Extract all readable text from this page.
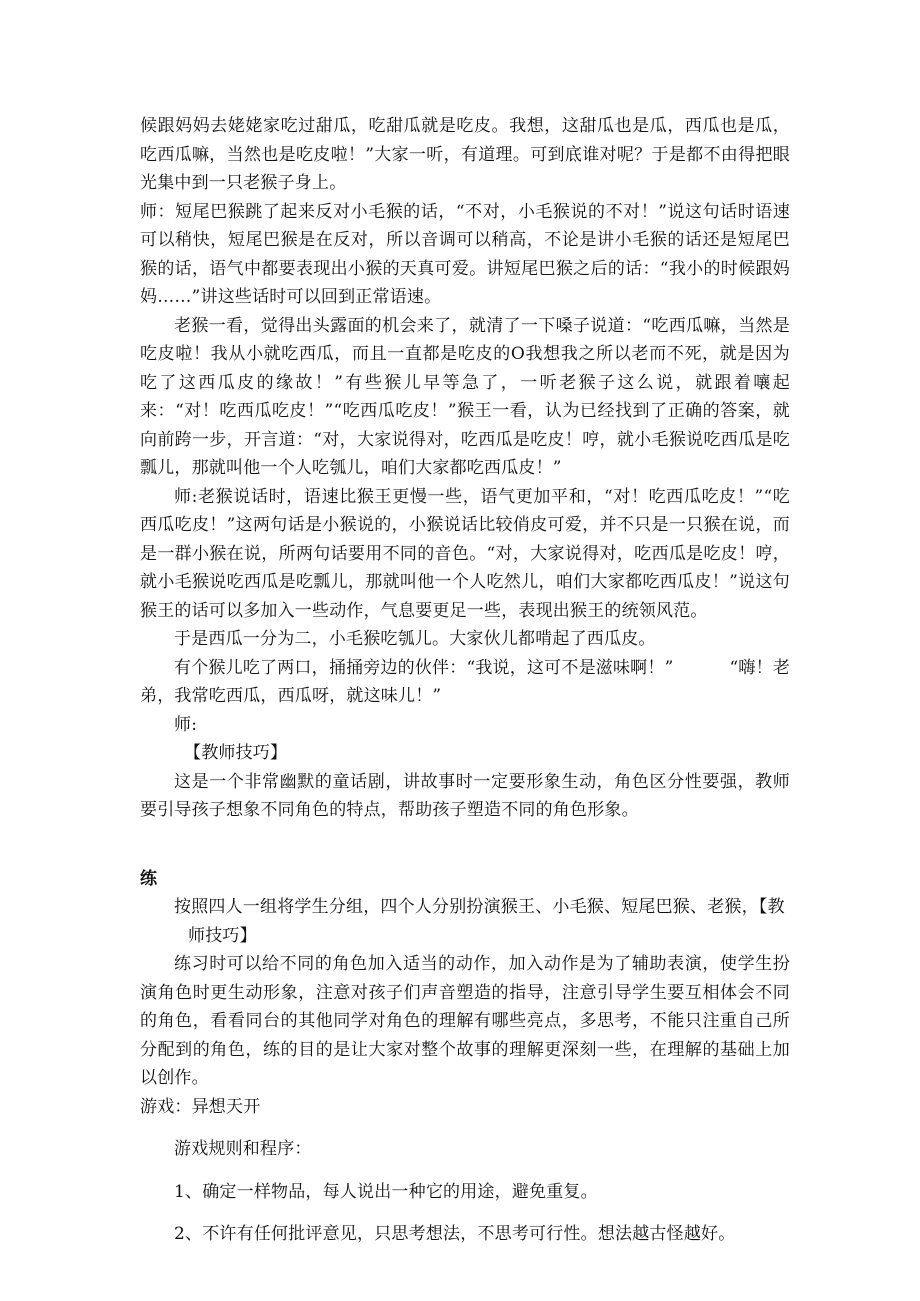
候跟妈妈去姥姥家吃过甜瓜，吃甜瓜就是吃皮。我想，这甜瓜也是瓜，西瓜也是瓜，吃西瓜嘛，当然也是吃皮啦！”大家一听，有道理。可到底谁对呢？于是都不由得把眼光集中到一只老猴子身上。

师：短尾巴猴跳了起来反对小毛猴的话，“不对，小毛猴说的不对！”说这句话时语速可以稍快，短尾巴猴是在反对，所以音调可以稍高，不论是讲小毛猴的话还是短尾巴猴的话，语气中都要表现出小猴的天真可爱。讲短尾巴猴之后的话：“我小的时候跟妈妈……”讲这些话时可以回到正常语速。

老猴一看，觉得出头露面的机会来了，就清了一下嗓子说道：“吃西瓜嘛，当然是吃皮啦！我从小就吃西瓜，而且一直都是吃皮的O我想我之所以老而不死，就是因为吃了这西瓜皮的缘故！”有些猴儿早等急了，一听老猴子这么说，就跟着嚷起来：“对！吃西瓜吃皮！”“吃西瓜吃皮！”猴王一看，认为已经找到了正确的答案，就向前跨一步，开言道：“对，大家说得对，吃西瓜是吃皮！哼，就小毛猴说吃西瓜是吃瓢儿，那就叫他一个人吃瓠儿，咱们大家都吃西瓜皮！”

师:老猴说话时，语速比猴王更慢一些，语气更加平和，“对！吃西瓜吃皮！”“吃西瓜吃皮！”这两句话是小猴说的，小猴说话比较俏皮可爱，并不只是一只猴在说，而是一群小猴在说，所两句话要用不同的音色。“对，大家说得对，吃西瓜是吃皮！哼，就小毛猴说吃西瓜是吃瓢儿，那就叫他一个人吃然儿，咱们大家都吃西瓜皮！”说这句猴王的话可以多加入一些动作，气息要更足一些，表现出猴王的统领风范。

于是西瓜一分为二，小毛猴吃瓠儿。大家伙儿都啃起了西瓜皮。

有个猴儿吃了两口，捅捅旁边的伙伴：“我说，这可不是滋味啊！”	“嗨！老弟，我常吃西瓜，西瓜呀，就这味儿！”

师:

【教师技巧】

这是一个非常幽默的童话剧，讲故事时一定要形象生动，角色区分性要强，教师要引导孩子想象不同角色的特点，帮助孩子塑造不同的角色形象。

练

按照四人一组将学生分组，四个人分别扮演猴王、小毛猴、短尾巴猴、老猴，【教

师技巧】

练习时可以给不同的角色加入适当的动作，加入动作是为了辅助表演，使学生扮演角色时更生动形象，注意对孩子们声音塑造的指导，注意引导学生要互相体会不同的角色，看看同台的其他同学对角色的理解有哪些亮点，多思考，不能只注重自己所分配到的角色，练的目的是让大家对整个故事的理解更深刻一些，在理解的基础上加以创作。

游戏：异想天开

游戏规则和程序：

1、确定一样物品，每人说出一种它的用途，避免重复。

2、不许有任何批评意见，只思考想法，不思考可行性。想法越古怪越好。
